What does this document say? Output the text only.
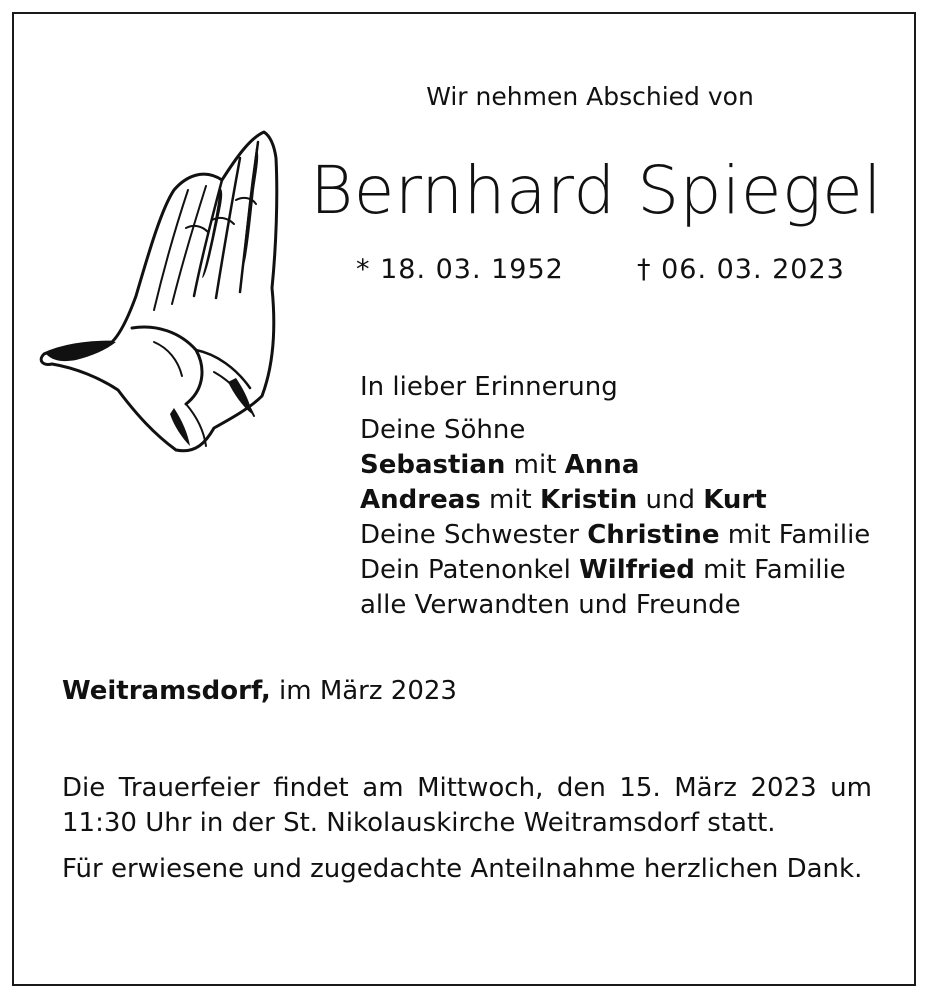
Wir nehmen Abschied von
Bernhard Spiegel
* 18. 03. 1952	† 06. 03. 2023
In lieber Erinnerung
Deine Söhne
Sebastian mit Anna
Andreas mit Kristin und Kurt
Deine Schwester Christine mit Familie
Dein Patenonkel Wilfried mit Familie
alle Verwandten und Freunde
Weitramsdorf, im März 2023
Die Trauerfeier findet am Mittwoch, den 15. März 2023 um 11:30 Uhr in der St. Nikolauskirche Weitramsdorf statt.
Für erwiesene und zugedachte Anteilnahme herzlichen Dank.
